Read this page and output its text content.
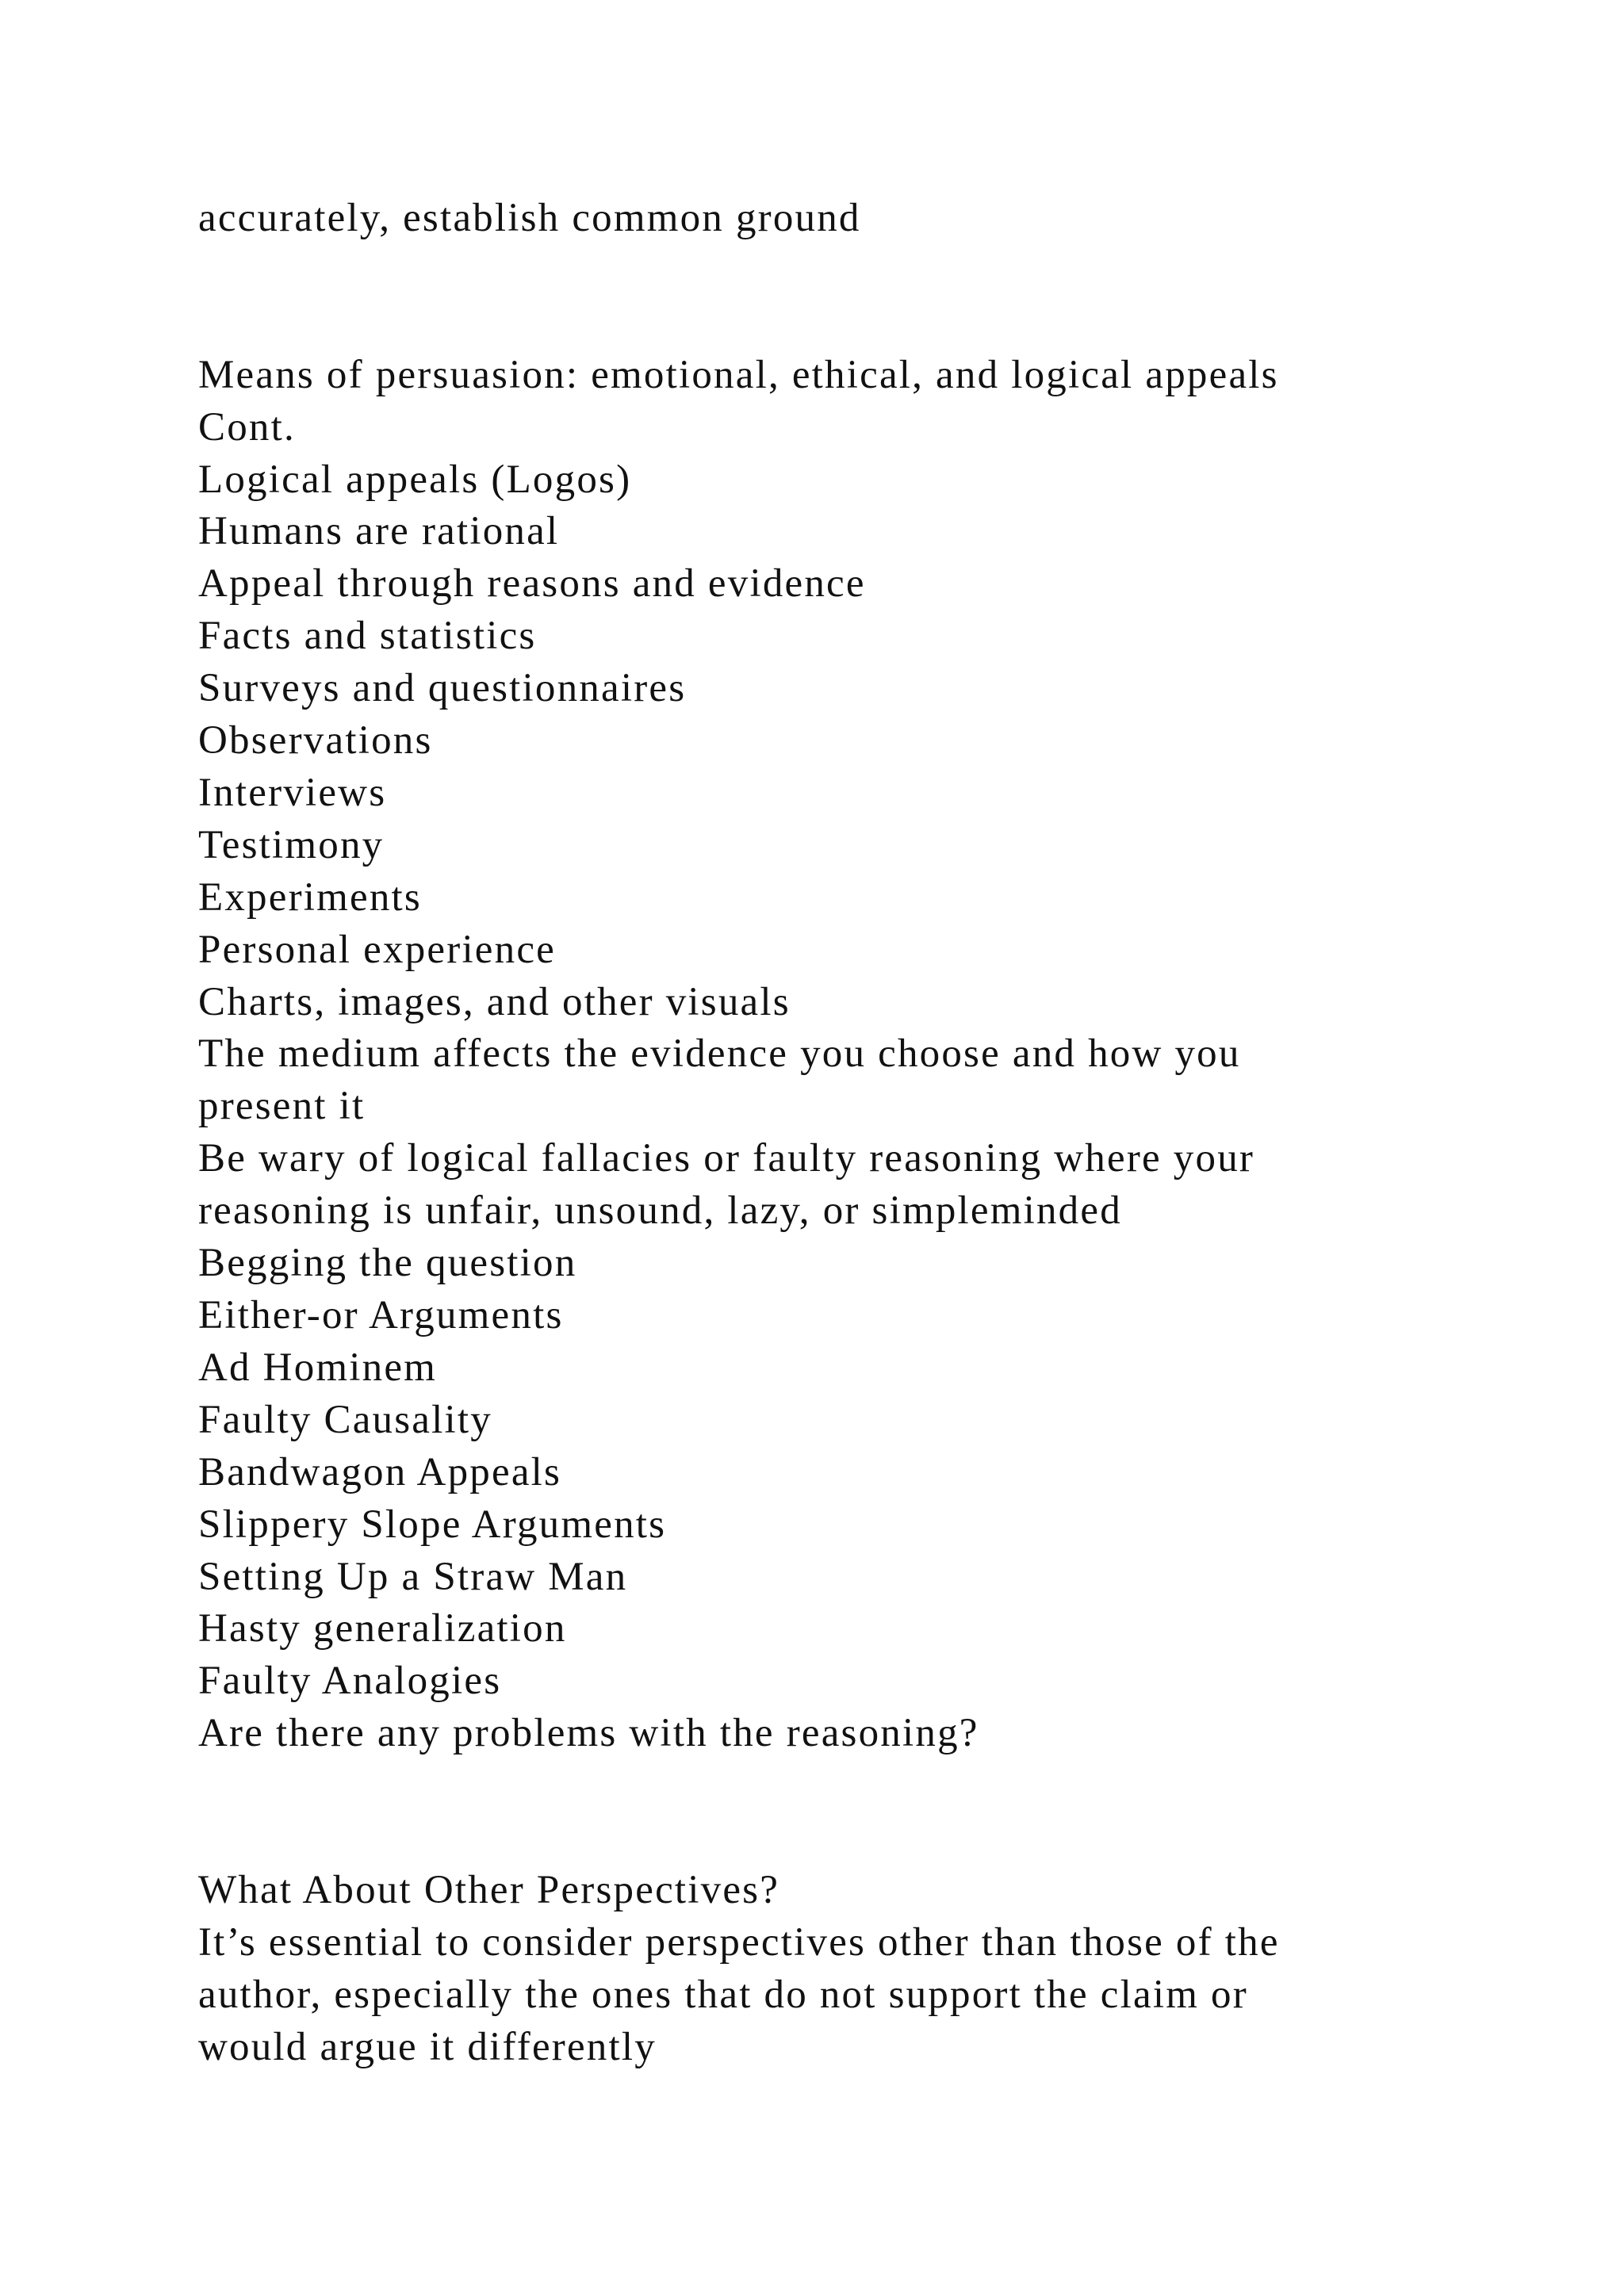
accurately, establish common ground
Means of persuasion: emotional, ethical, and logical appeals
Cont.
Logical appeals (Logos)
Humans are rational
Appeal through reasons and evidence
Facts and statistics
Surveys and questionnaires
Observations
Interviews
Testimony
Experiments
Personal experience
Charts, images, and other visuals
The medium affects the evidence you choose and how you
present it
Be wary of logical fallacies or faulty reasoning where your
reasoning is unfair, unsound, lazy, or simpleminded
Begging the question
Either-or Arguments
Ad Hominem
Faulty Causality
Bandwagon Appeals
Slippery Slope Arguments
Setting Up a Straw Man
Hasty generalization
Faulty Analogies
Are there any problems with the reasoning?
What About Other Perspectives?
It’s essential to consider perspectives other than those of the
author, especially the ones that do not support the claim or
would argue it differently
